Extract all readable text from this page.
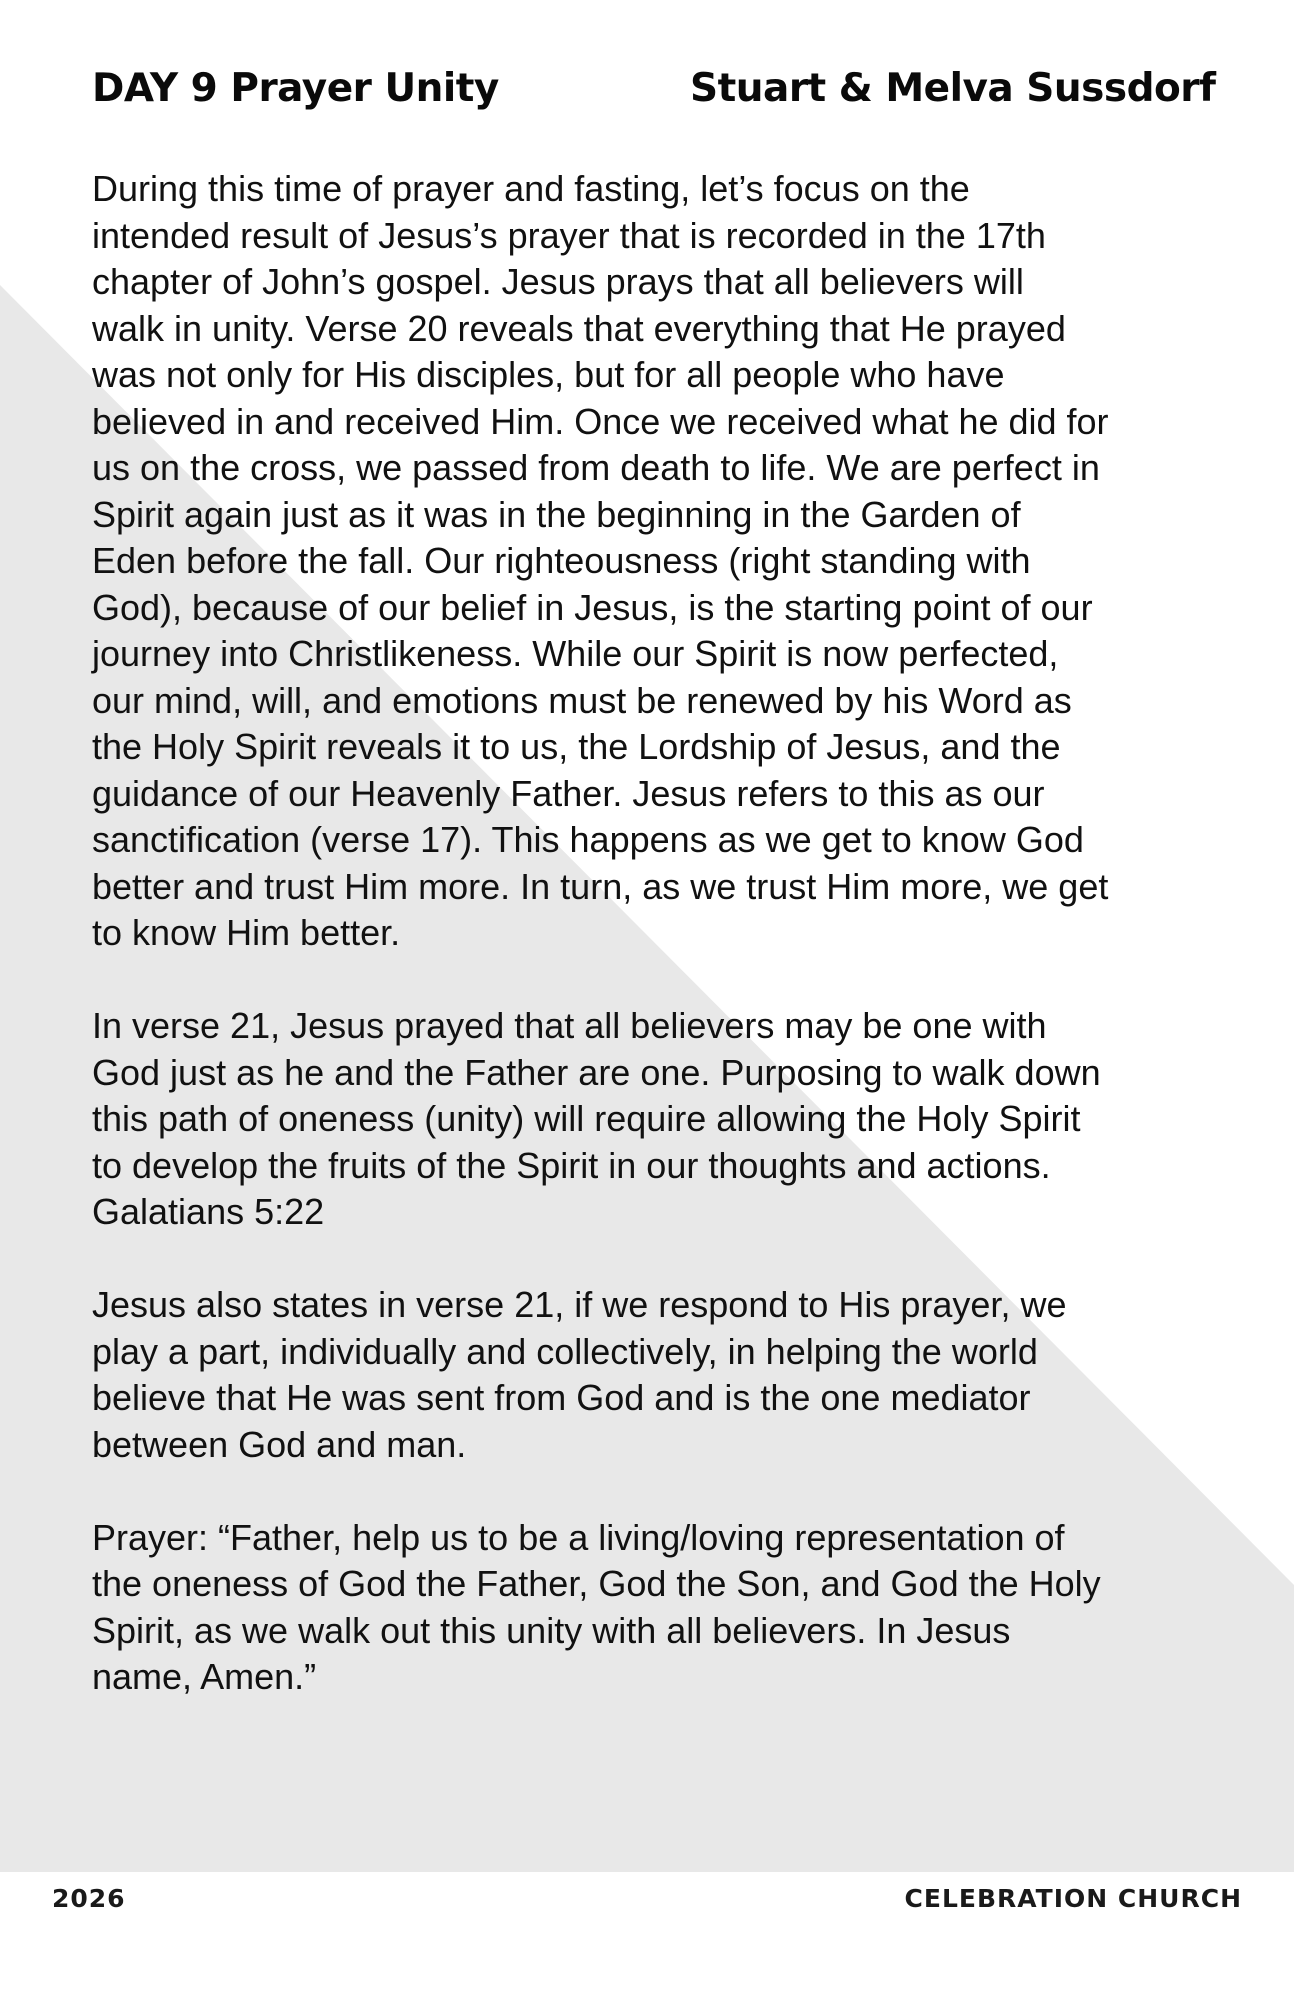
DAY 9 Prayer Unity	Stuart & Melva Sussdorf

During this time of prayer and fasting, let’s focus on the
intended result of Jesus’s prayer that is recorded in the 17th
chapter of John’s gospel. Jesus prays that all believers will
walk in unity. Verse 20 reveals that everything that He prayed
was not only for His disciples, but for all people who have
believed in and received Him. Once we received what he did for
us on the cross, we passed from death to life. We are perfect in
Spirit again just as it was in the beginning in the Garden of
Eden before the fall. Our righteousness (right standing with
God), because of our belief in Jesus, is the starting point of our
journey into Christlikeness. While our Spirit is now perfected,
our mind, will, and emotions must be renewed by his Word as
the Holy Spirit reveals it to us, the Lordship of Jesus, and the
guidance of our Heavenly Father. Jesus refers to this as our
sanctification (verse 17). This happens as we get to know God
better and trust Him more. In turn, as we trust Him more, we get
to know Him better.

In verse 21, Jesus prayed that all believers may be one with
God just as he and the Father are one. Purposing to walk down
this path of oneness (unity) will require allowing the Holy Spirit
to develop the fruits of the Spirit in our thoughts and actions.
Galatians 5:22

Jesus also states in verse 21, if we respond to His prayer, we
play a part, individually and collectively, in helping the world
believe that He was sent from God and is the one mediator
between God and man.

Prayer: “Father, help us to be a living/loving representation of
the oneness of God the Father, God the Son, and God the Holy
Spirit, as we walk out this unity with all believers. In Jesus
name, Amen.”

2026	CELEBRATION CHURCH
